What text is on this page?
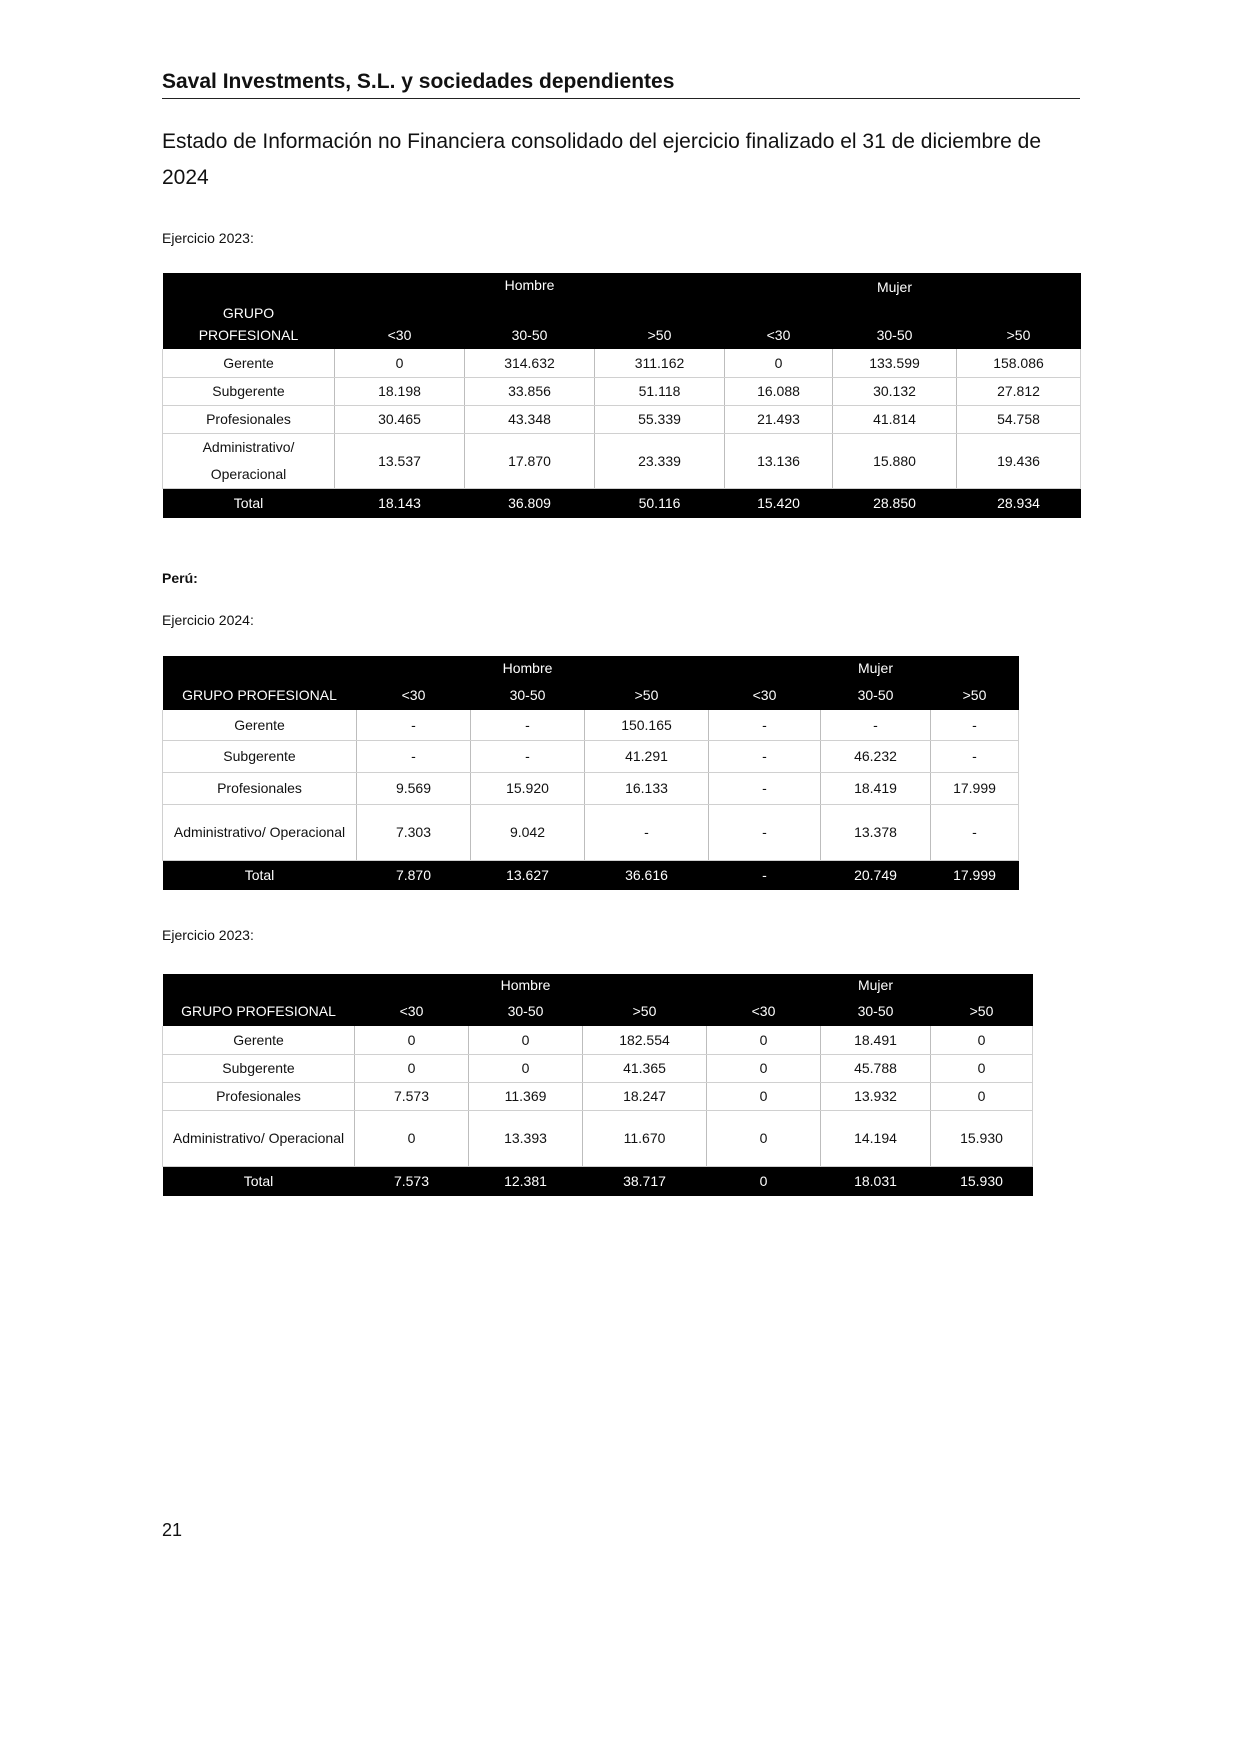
Saval Investments, S.L. y sociedades dependientes
Estado de Información no Financiera consolidado del ejercicio finalizado el 31 de diciembre de 2024
Ejercicio 2023:
GRUPO		Hombre			Mujer	
PROFESIONAL	<30	30-50	>50	<30	30-50	>50
Gerente	0	314.632	311.162	0	133.599	158.086
Subgerente	18.198	33.856	51.118	16.088	30.132	27.812
Profesionales	30.465	43.348	55.339	21.493	41.814	54.758
Administrativo/ Operacional	13.537	17.870	23.339	13.136	15.880	19.436
Total	18.143	36.809	50.116	15.420	28.850	28.934
Perú:
Ejercicio 2024:
		Hombre			Mujer	
GRUPO PROFESIONAL	<30	30-50	>50	<30	30-50	>50
Gerente	-	-	150.165	-	-	-
Subgerente	-	-	41.291	-	46.232	-
Profesionales	9.569	15.920	16.133	-	18.419	17.999
Administrativo/ Operacional	7.303	9.042	-	-	13.378	-
Total	7.870	13.627	36.616	-	20.749	17.999
Ejercicio 2023:
		Hombre			Mujer	
GRUPO PROFESIONAL	<30	30-50	>50	<30	30-50	>50
Gerente	0	0	182.554	0	18.491	0
Subgerente	0	0	41.365	0	45.788	0
Profesionales	7.573	11.369	18.247	0	13.932	0
Administrativo/ Operacional	0	13.393	11.670	0	14.194	15.930
Total	7.573	12.381	38.717	0	18.031	15.930
21
